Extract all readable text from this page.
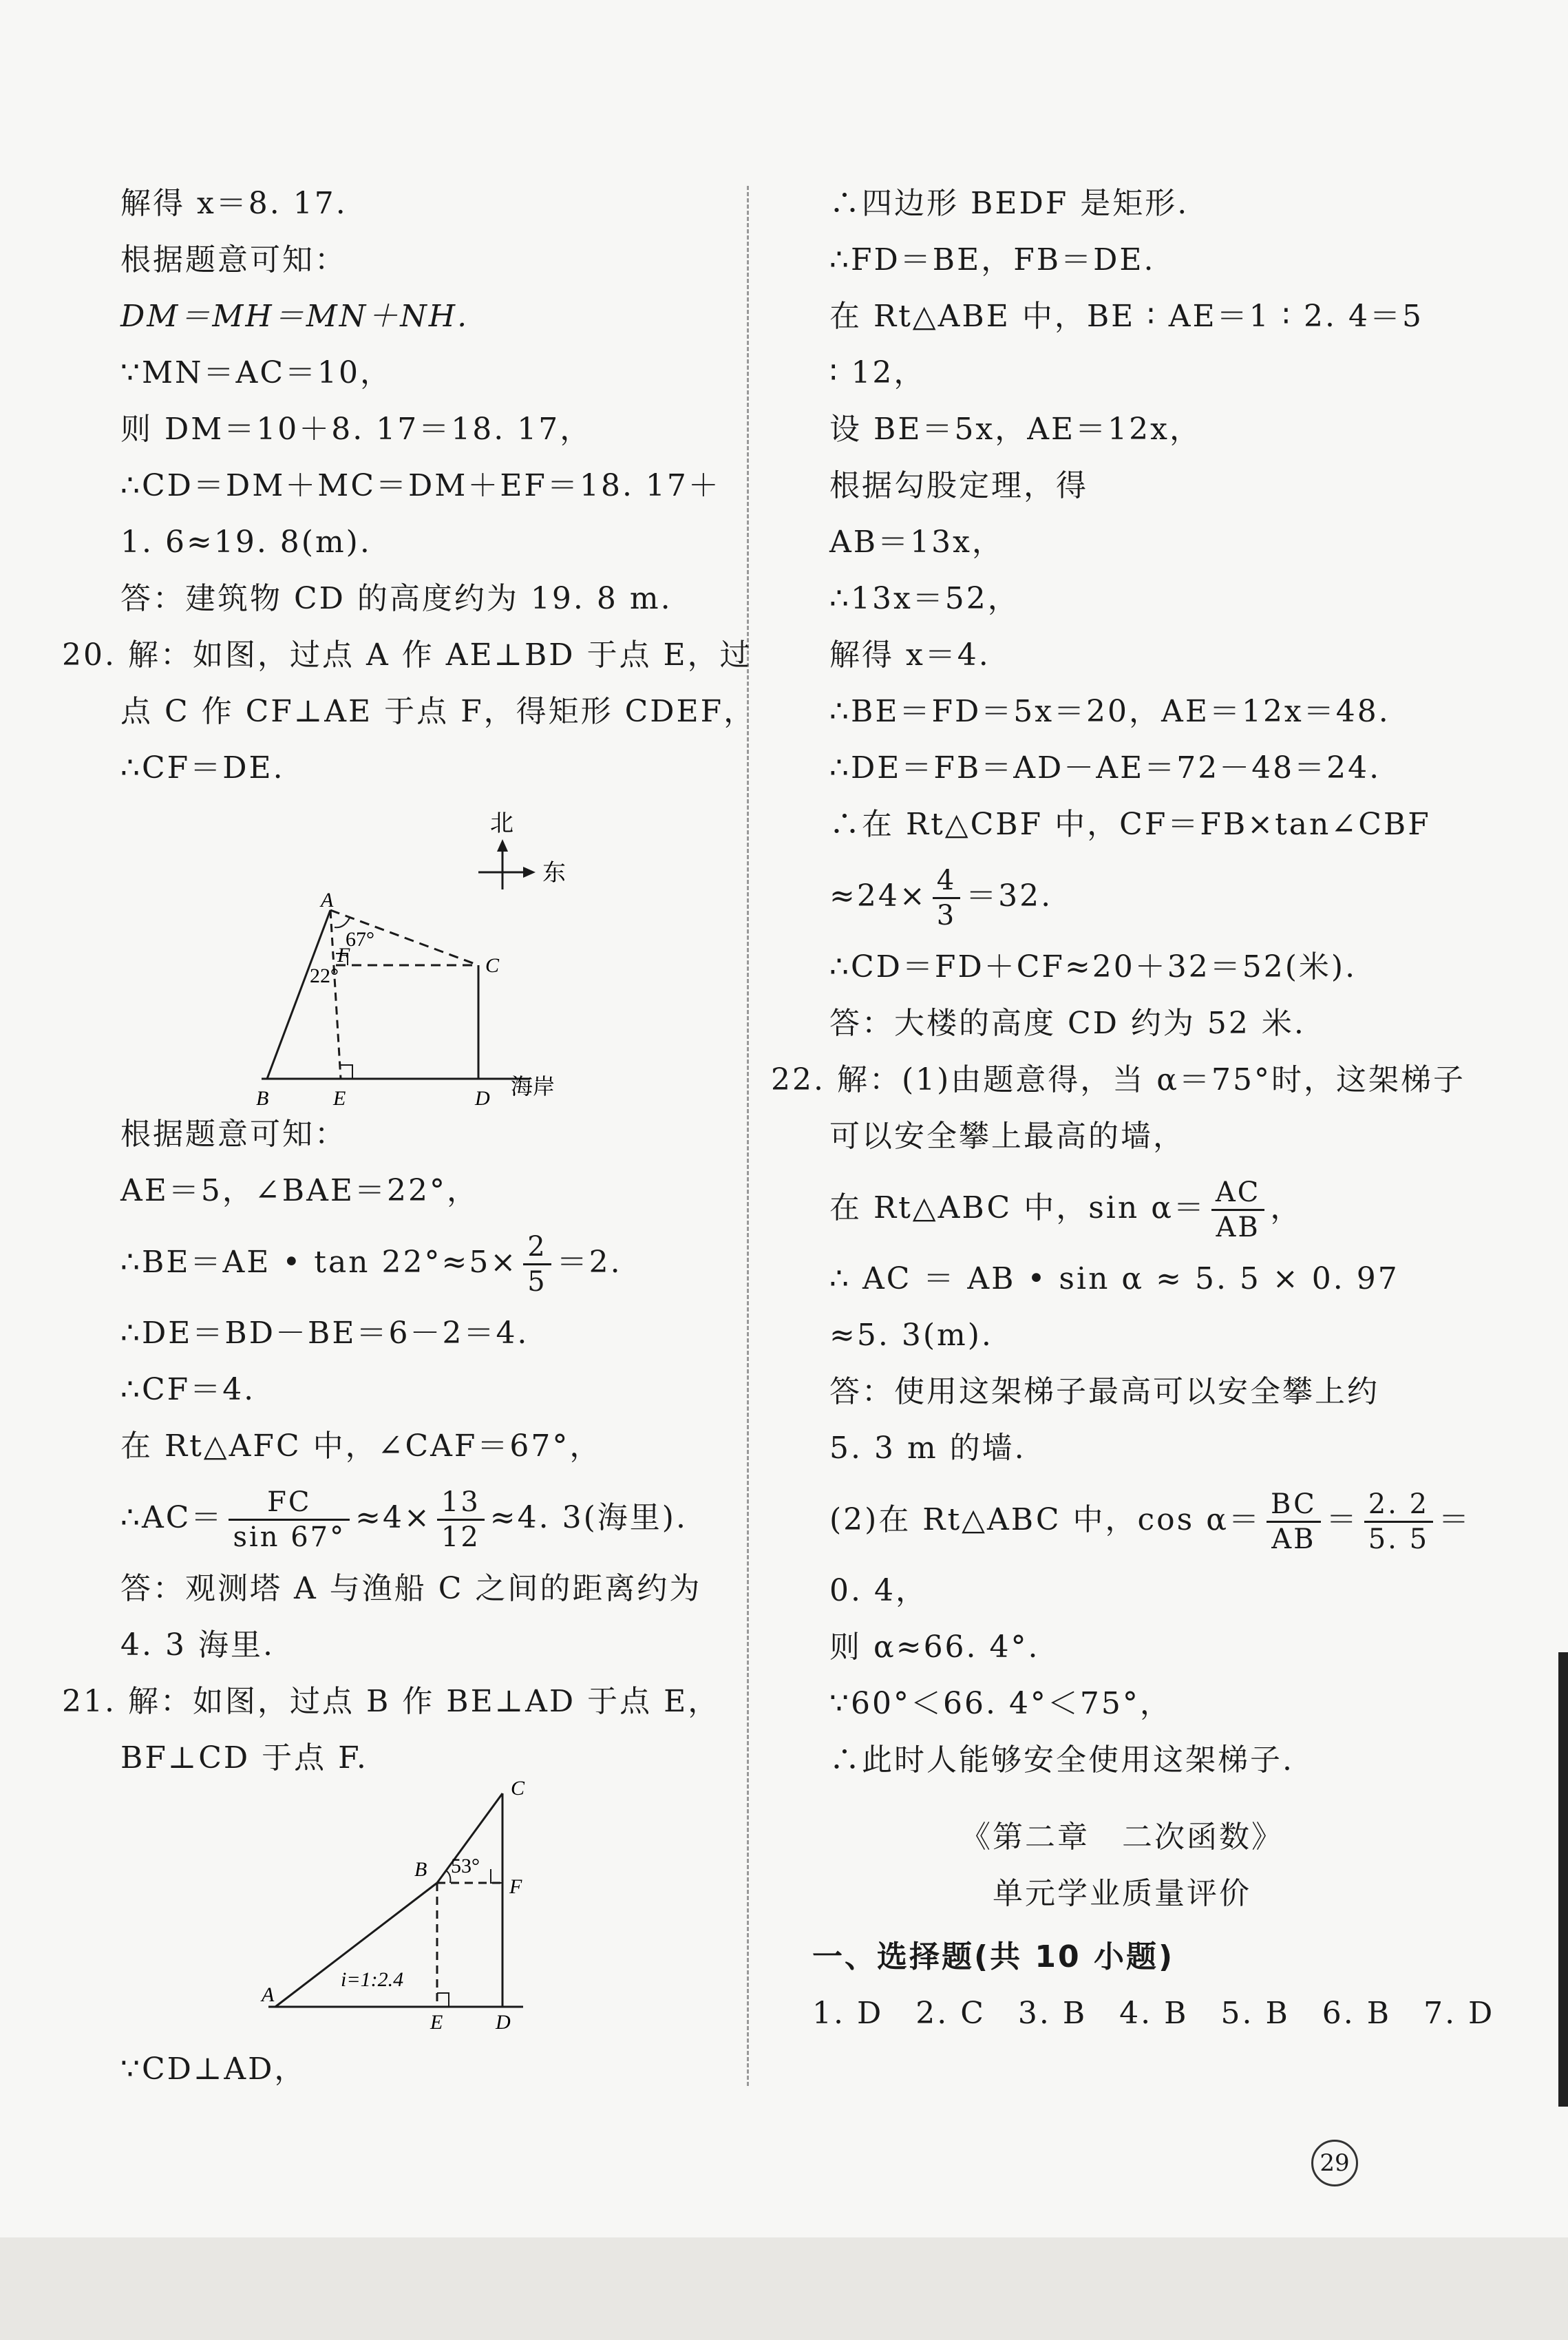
解得 x＝8. 17.
根据题意可知：
DM＝MH＝MN＋NH.
∵MN＝AC＝10，
则 DM＝10＋8. 17＝18. 17，
∴CD＝DM＋MC＝DM＋EF＝18. 17＋
1. 6≈19. 8(m).
答：建筑物 CD 的高度约为 19. 8 m.
20. 解：如图，过点 A 作 AE⊥BD 于点 E，过
点 C 作 CF⊥AE 于点 F，得矩形 CDEF，
∴CF＝DE.
北
东
A
67°
F
22°	C
B	E	D 海岸
根据题意可知：
AE＝5，∠BAE＝22°，
∴BE＝AE • $\tan 22^\circ\approx 5\times \frac{2}{5} =2$.
∴DE＝BD－BE＝6－2＝4.
∴CF＝4.
在 Rt△AFC 中，∠CAF＝67°，
∴AC＝ $\frac{FC}{\sin 67^\circ} \approx 4\times \frac{13}{12} \approx 4$. 3(海里).
答：观测塔 A 与渔船 C 之间的距离约为
4. 3 海里.
21. 解：如图，过点 B 作 BE⊥AD 于点 E，
BF⊥CD 于点 F.
C
B 53°
F
i=1:2.4
A
E	D
∵CD⊥AD，
∴四边形 BEDF 是矩形.
∴FD＝BE，FB＝DE.
在 Rt△ABE 中，BE ∶ AE＝1 ∶ 2. 4＝5
∶ 12，
设 BE＝5x，AE＝12x，
根据勾股定理，得
AB＝13x，
∴13x＝52，
解得 x＝4.
∴BE＝FD＝5x＝20，AE＝12x＝48.
∴DE＝FB＝AD－AE＝72－48＝24.
∴在 Rt△CBF 中，CF＝FB×tan∠CBF
$\approx 24\times \frac{4}{3} =32$.
∴CD＝FD＋CF≈20＋32＝52(米).
答：大楼的高度 CD 约为 52 米.
22. 解：(1)由题意得，当 α＝75°时，这架梯子
可以安全攀上最高的墙，
在 Rt△ABC 中，$\sin \alpha= \frac{AC}{AB}$ ，
∴ AC ＝ AB • sin α ≈ 5. 5 × 0. 97
≈5. 3(m).
答：使用这架梯子最高可以安全攀上约
5. 3 m 的墙.
(2)在 Rt△ABC 中，$\cos \alpha= \frac{BC}{AB} = \frac{2. 2}{5. 5}$ ＝
0. 4，
则 α≈66. 4°.
∵60°＜66. 4°＜75°，
∴此时人能够安全使用这架梯子.
《第二章　二次函数》
单元学业质量评价
一、选择题(共 10 小题)
1. D　2. C　3. B　4. B　5. B　6. B　7. D
29
